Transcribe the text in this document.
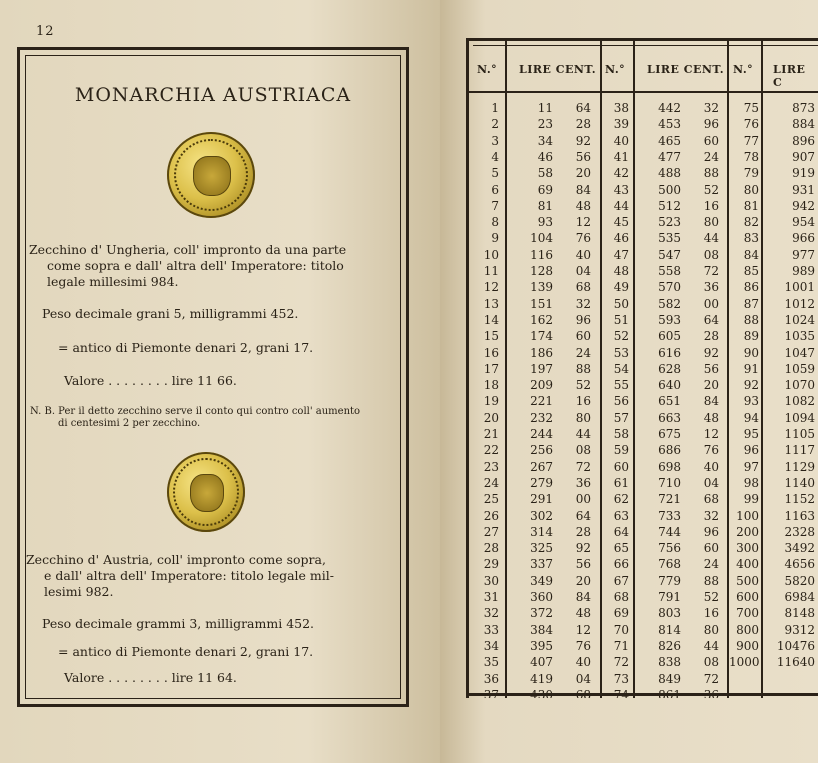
12
MONARCHIA AUSTRIACA
Zecchino d' Ungheria, coll' impronto da una parte
come sopra e dall' altra dell' Imperatore: titolo
legale millesimi 984.
Peso decimale grani 5, milligrammi 452.
= antico di Piemonte denari 2, grani 17.
Valore . . . . . . . . lire 11 66.
N. B. Per il detto zecchino serve il conto qui contro coll' aumento
di centesimi 2 per zecchino.
Zecchino d' Austria, coll' impronto come sopra,
e dall' altra dell' Imperatore: titolo legale mil-
lesimi 982.
Peso decimale grammi 3, milligrammi 452.
= antico di Piemonte denari 2, grani 17.
Valore . . . . . . . . lire 11 64.
N.° LIRE CENT. N.° LIRE CENT. N.° LIRE C
1	11	64
2	23	28
3	34	92
4	46	56
5	58	20
6	69	84
7	81	48
8	93	12
9	104	76
10	116	40
11	128	04
12	139	68
13	151	32
14	162	96
15	174	60
16	186	24
17	197	88
18	209	52
19	221	16
20	232	80
21	244	44
22	256	08
23	267	72
24	279	36
25	291	00
26	302	64
27	314	28
28	325	92
29	337	56
30	349	20
31	360	84
32	372	48
33	384	12
34	395	76
35	407	40
36	419	04
37	430	68
38	442	32
39	453	96
40	465	60
41	477	24
42	488	88
43	500	52
44	512	16
45	523	80
46	535	44
47	547	08
48	558	72
49	570	36
50	582	00
51	593	64
52	605	28
53	616	92
54	628	56
55	640	20
56	651	84
57	663	48
58	675	12
59	686	76
60	698	40
61	710	04
62	721	68
63	733	32
64	744	96
65	756	60
66	768	24
67	779	88
68	791	52
69	803	16
70	814	80
71	826	44
72	838	08
73	849	72
74	861	36
75	873
76	884
77	896
78	907
79	919
80	931
81	942
82	954
83	966
84	977
85	989
86	1001
87	1012
88	1024
89	1035
90	1047
91	1059
92	1070
93	1082
94	1094
95	1105
96	1117
97	1129
98	1140
99	1152
100	1163
200	2328
300	3492
400	4656
500	5820
600	6984
700	8148
800	9312
900	10476
1000	11640
